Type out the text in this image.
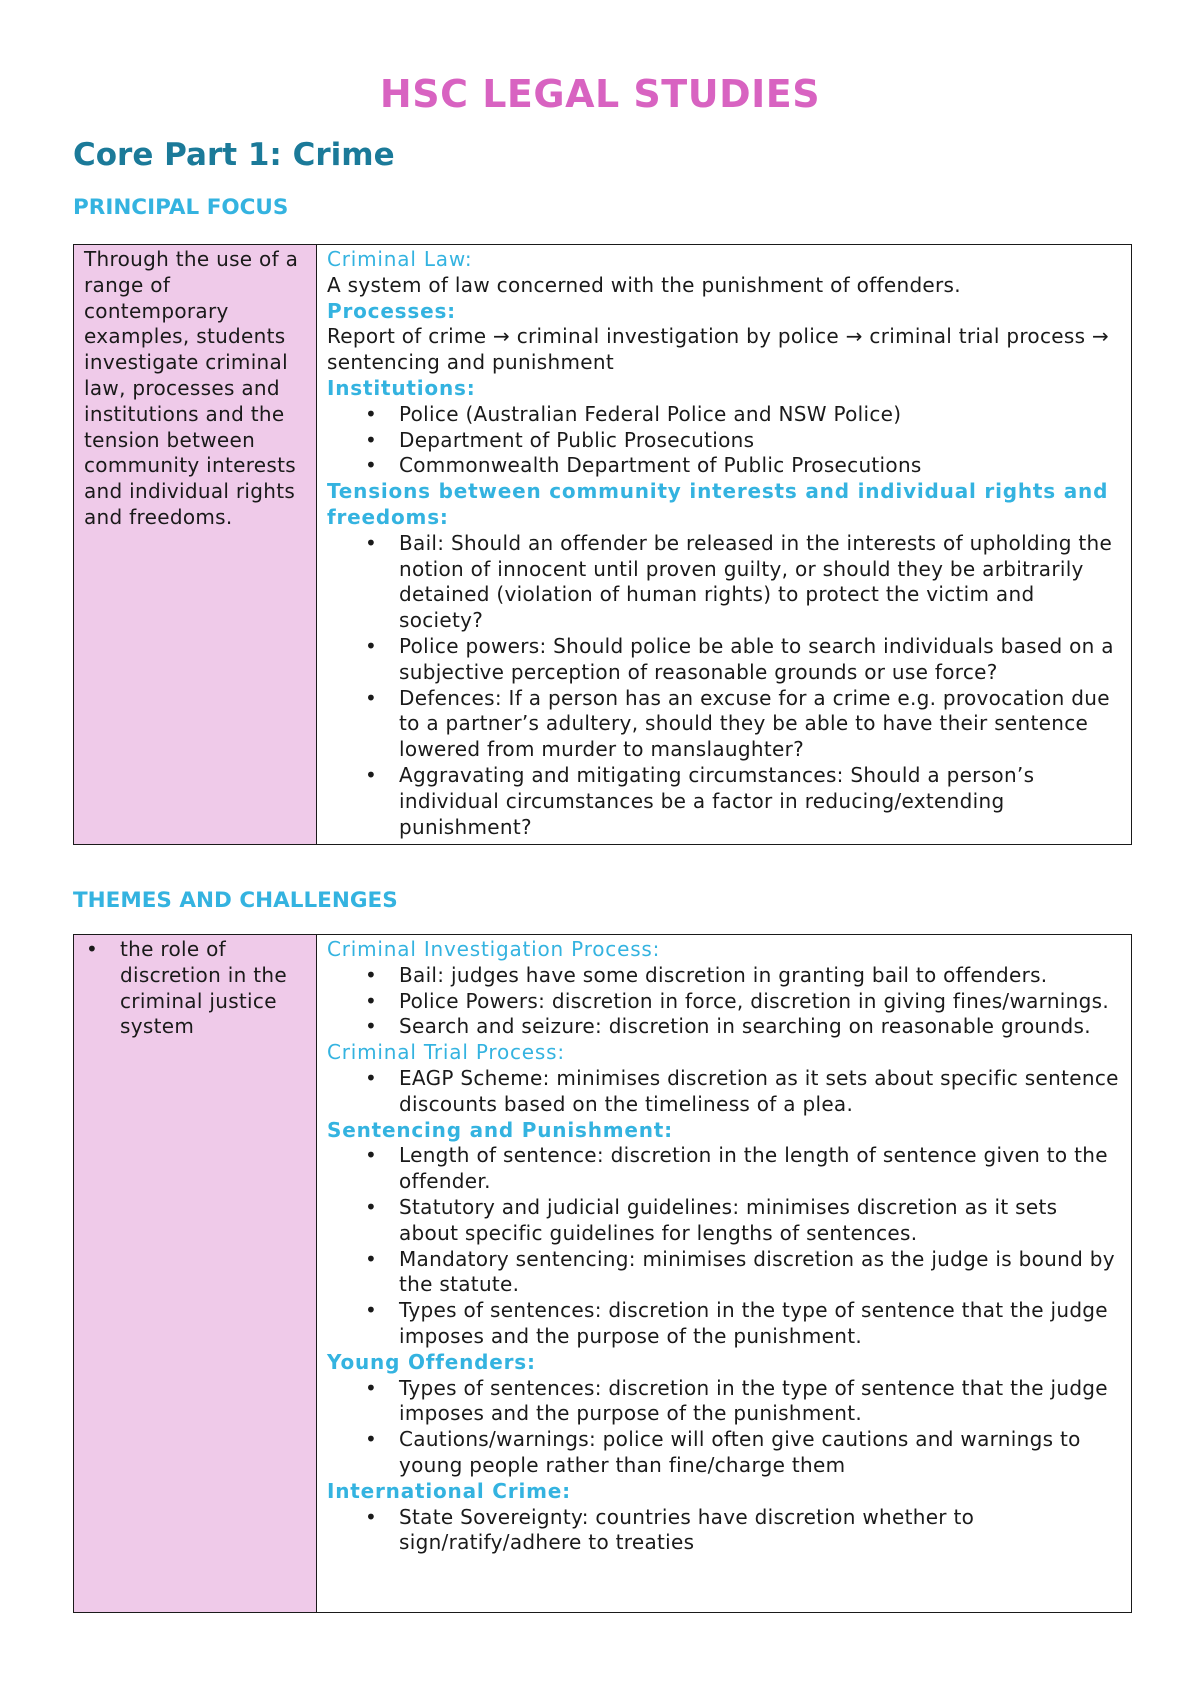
HSC LEGAL STUDIES
Core Part 1: Crime
PRINCIPAL FOCUS

Through the use of a range of contemporary examples, students investigate criminal law, processes and institutions and the tension between community interests and individual rights and freedoms.

Criminal Law:

A system of law concerned with the punishment of offenders.

Processes:

Report of crime → criminal investigation by police → criminal trial process → sentencing and punishment

Institutions:
• Police (Australian Federal Police and NSW Police)
• Department of Public Prosecutions
• Commonwealth Department of Public Prosecutions
Tensions between community interests and individual rights and freedoms:
• Bail: Should an offender be released in the interests of upholding the notion of innocent until proven guilty, or should they be arbitrarily detained (violation of human rights) to protect the victim and society?
• Police powers: Should police be able to search individuals based on a subjective perception of reasonable grounds or use force?
• Defences: If a person has an excuse for a crime e.g. provocation due to a partner’s adultery, should they be able to have their sentence lowered from murder to manslaughter?
• Aggravating and mitigating circumstances: Should a person’s individual circumstances be a factor in reducing/extending punishment?
THEMES AND CHALLENGES
• the role of discretion in the criminal justice system
Criminal Investigation Process:
• Bail: judges have some discretion in granting bail to offenders.
• Police Powers: discretion in force, discretion in giving fines/warnings.
• Search and seizure: discretion in searching on reasonable grounds.
Criminal Trial Process:
• EAGP Scheme: minimises discretion as it sets about specific sentence discounts based on the timeliness of a plea.
Sentencing and Punishment:
• Length of sentence: discretion in the length of sentence given to the offender.
• Statutory and judicial guidelines: minimises discretion as it sets about specific guidelines for lengths of sentences.
• Mandatory sentencing: minimises discretion as the judge is bound by the statute.
• Types of sentences: discretion in the type of sentence that the judge imposes and the purpose of the punishment.
Young Offenders:
• Types of sentences: discretion in the type of sentence that the judge imposes and the purpose of the punishment.
• Cautions/warnings: police will often give cautions and warnings to young people rather than fine/charge them
International Crime:
• State Sovereignty: countries have discretion whether to sign/ratify/adhere to treaties
